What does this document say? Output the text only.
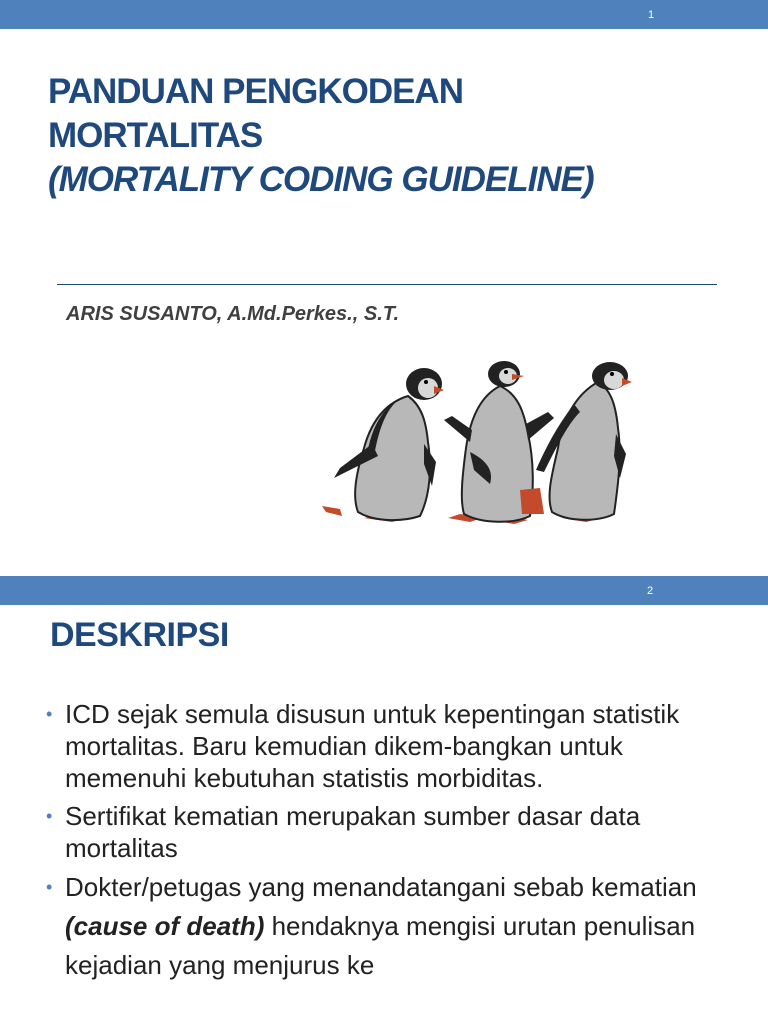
1
PANDUAN PENGKODEAN
MORTALITAS
(MORTALITY CODING GUIDELINE)

ARIS SUSANTO, A.Md.Perkes., S.T.

2
DESKRIPSI
• ICD sejak semula disusun untuk kepentingan statistik mortalitas. Baru kemudian dikem-bangkan untuk memenuhi kebutuhan statistis morbiditas.
• Sertifikat kematian merupakan sumber dasar data mortalitas
• Dokter/petugas yang menandatangani sebab kematian (cause of death) hendaknya mengisi urutan penulisan kejadian yang menjurus ke
